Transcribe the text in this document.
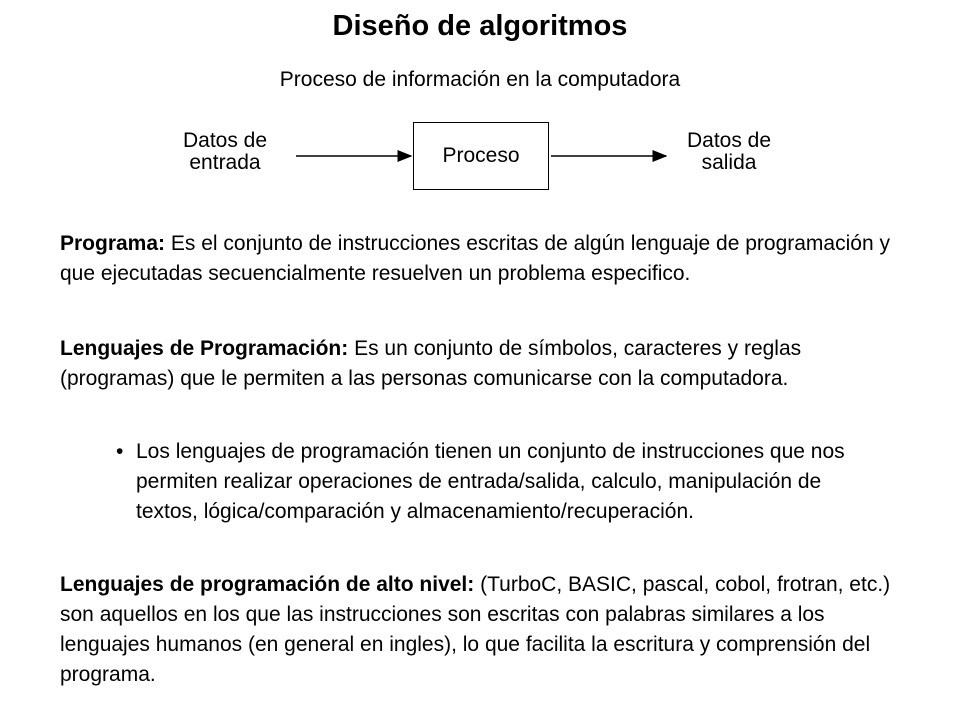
Diseño de algoritmos
Proceso de información en la computadora
Datos de
entrada	Proceso
Datos de
salida
Programa: Es el conjunto de instrucciones escritas de algún lenguaje de programación y que ejecutadas secuencialmente resuelven un problema especifico.
Lenguajes de Programación: Es un conjunto de símbolos, caracteres y reglas (programas) que le permiten a las personas comunicarse con la computadora.
• Los lenguajes de programación tienen un conjunto de instrucciones que nos permiten realizar operaciones de entrada/salida, calculo, manipulación de textos, lógica/comparación y almacenamiento/recuperación.
Lenguajes de programación de alto nivel: (TurboC, BASIC, pascal, cobol, frotran, etc.) son aquellos en los que las instrucciones son escritas con palabras similares a los lenguajes humanos (en general en ingles), lo que facilita la escritura y comprensión del programa.
